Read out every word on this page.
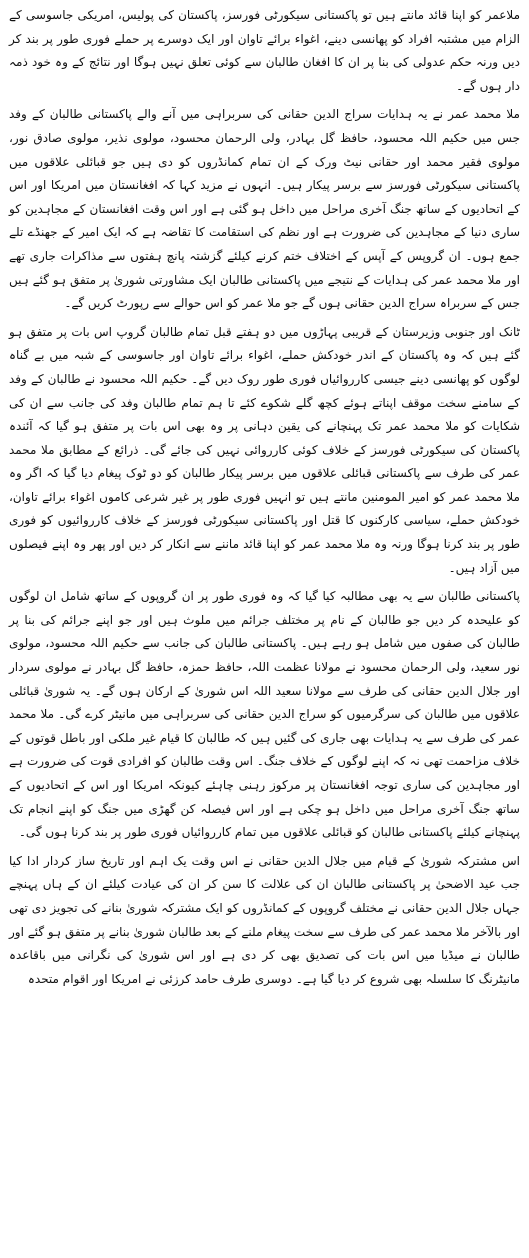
ملاعمر کو اپنا قائد مانتے ہیں تو پاکستانی سیکورٹی فورسز، پاکستان کی پولیس، امریکی جاسوسی کے الزام میں مشتبہ افراد کو پھانسی دینے، اغواء برائے تاوان اور ایک دوسرے پر حملے فوری طور پر بند کر دیں ورنہ حکم عدولی کی بنا پر ان کا افغان طالبان سے کوئی تعلق نہیں ہوگا اور نتائج کے وہ خود ذمہ دار ہوں گے۔

ملا محمد عمر نے یہ ہدایات سراج الدین حقانی کی سربراہی میں آنے والے پاکستانی طالبان کے وفد جس میں حکیم اللہ محسود، حافظ گل بہادر، ولی الرحمان محسود، مولوی نذیر، مولوی صادق نور، مولوی فقیر محمد اور حقانی نیٹ ورک کے ان تمام کمانڈروں کو دی ہیں جو قبائلی علاقوں میں پاکستانی سیکورٹی فورسز سے برسر پیکار ہیں۔ انہوں نے مزید کہا کہ افغانستان میں امریکا اور اس کے اتحادیوں کے ساتھ جنگ آخری مراحل میں داخل ہو گئی ہے اور اس وقت افغانستان کے مجاہدین کو ساری دنیا کے مجاہدین کی ضرورت ہے اور نظم کی استقامت کا تقاضہ ہے کہ ایک امیر کے جھنڈے تلے جمع ہوں۔ ان گروپس کے آپس کے اختلاف ختم کرنے کیلئے گزشتہ پانچ ہفتوں سے مذاکرات جاری تھے اور ملا محمد عمر کی ہدایات کے نتیجے میں پاکستانی طالبان ایک مشاورتی شوریٰ پر متفق ہو گئے ہیں جس کے سربراہ سراج الدین حقانی ہوں گے جو ملا عمر کو اس حوالے سے رپورٹ کریں گے۔

ٹانک اور جنوبی وزیرستان کے قریبی پہاڑوں میں دو ہفتے قبل تمام طالبان گروپ اس بات پر متفق ہو گئے ہیں کہ وہ پاکستان کے اندر خودکش حملے، اغواء برائے تاوان اور جاسوسی کے شبہ میں بے گناہ لوگوں کو پھانسی دینے جیسی کارروائیاں فوری طور روک دیں گے۔ حکیم اللہ محسود نے طالبان کے وفد کے سامنے سخت موقف اپناتے ہوئے کچھ گلے شکوے کئے تا ہم تمام طالبان وفد کی جانب سے ان کی شکایات کو ملا محمد عمر تک پہنچانے کی یقین دہانی پر وہ بھی اس بات پر متفق ہو گیا کہ آئندہ پاکستان کی سیکورٹی فورسز کے خلاف کوئی کارروائی نہیں کی جائے گی۔ ذرائع کے مطابق ملا محمد عمر کی طرف سے پاکستانی قبائلی علاقوں میں برسر پیکار طالبان کو دو ٹوک پیغام دیا گیا کہ اگر وہ ملا محمد عمر کو امیر المومنین مانتے ہیں تو انہیں فوری طور پر غیر شرعی کاموں اغواء برائے تاوان، خودکش حملے، سیاسی کارکنوں کا قتل اور پاکستانی سیکورٹی فورسز کے خلاف کارروائیوں کو فوری طور پر بند کرنا ہوگا ورنہ وہ ملا محمد عمر کو اپنا قائد ماننے سے انکار کر دیں اور پھر وہ اپنے فیصلوں میں آزاد ہیں۔

پاکستانی طالبان سے یہ بھی مطالبہ کیا گیا کہ وہ فوری طور پر ان گروپوں کے ساتھ شامل ان لوگوں کو علیحدہ کر دیں جو طالبان کے نام پر مختلف جرائم میں ملوث ہیں اور جو اپنے جرائم کی بنا پر طالبان کی صفوں میں شامل ہو رہے ہیں۔ پاکستانی طالبان کی جانب سے حکیم اللہ محسود، مولوی نور سعید، ولی الرحمان محسود نے مولانا عظمت اللہ، حافظ حمزہ، حافظ گل بہادر نے مولوی سردار اور جلال الدین حقانی کی طرف سے مولانا سعید اللہ اس شوریٰ کے ارکان ہوں گے۔ یہ شوریٰ قبائلی علاقوں میں طالبان کی سرگرمیوں کو سراج الدین حقانی کی سربراہی میں مانیٹر کرے گی۔ ملا محمد عمر کی طرف سے یہ ہدایات بھی جاری کی گئیں ہیں کہ طالبان کا قیام غیر ملکی اور باطل قوتوں کے خلاف مزاحمت تھی نہ کہ اپنے لوگوں کے خلاف جنگ۔ اس وقت طالبان کو افرادی قوت کی ضرورت ہے اور مجاہدین کی ساری توجہ افغانستان پر مرکوز رہنی چاہئے کیونکہ امریکا اور اس کے اتحادیوں کے ساتھ جنگ آخری مراحل میں داخل ہو چکی ہے اور اس فیصلہ کن گھڑی میں جنگ کو اپنے انجام تک پہنچانے کیلئے پاکستانی طالبان کو قبائلی علاقوں میں تمام کارروائیاں فوری طور پر بند کرنا ہوں گی۔

اس مشترکہ شوریٰ کے قیام میں جلال الدین حقانی نے اس وقت یک اہم اور تاریخ ساز کردار ادا کیا جب عید الاضحیٰ پر پاکستانی طالبان ان کی علالت کا سن کر ان کی عیادت کیلئے ان کے ہاں پہنچے جہاں جلال الدین حقانی نے مختلف گروپوں کے کمانڈروں کو ایک مشترکہ شوریٰ بنانے کی تجویز دی تھی اور بالآخر ملا محمد عمر کی طرف سے سخت پیغام ملنے کے بعد طالبان شوریٰ بنانے پر متفق ہو گئے اور طالبان نے میڈیا میں اس بات کی تصدیق بھی کر دی ہے اور اس شوریٰ کی نگرانی میں باقاعدہ مانیٹرنگ کا سلسلہ بھی شروع کر دیا گیا ہے۔ دوسری طرف حامد کرزئی نے امریکا اور اقوام متحدہ
